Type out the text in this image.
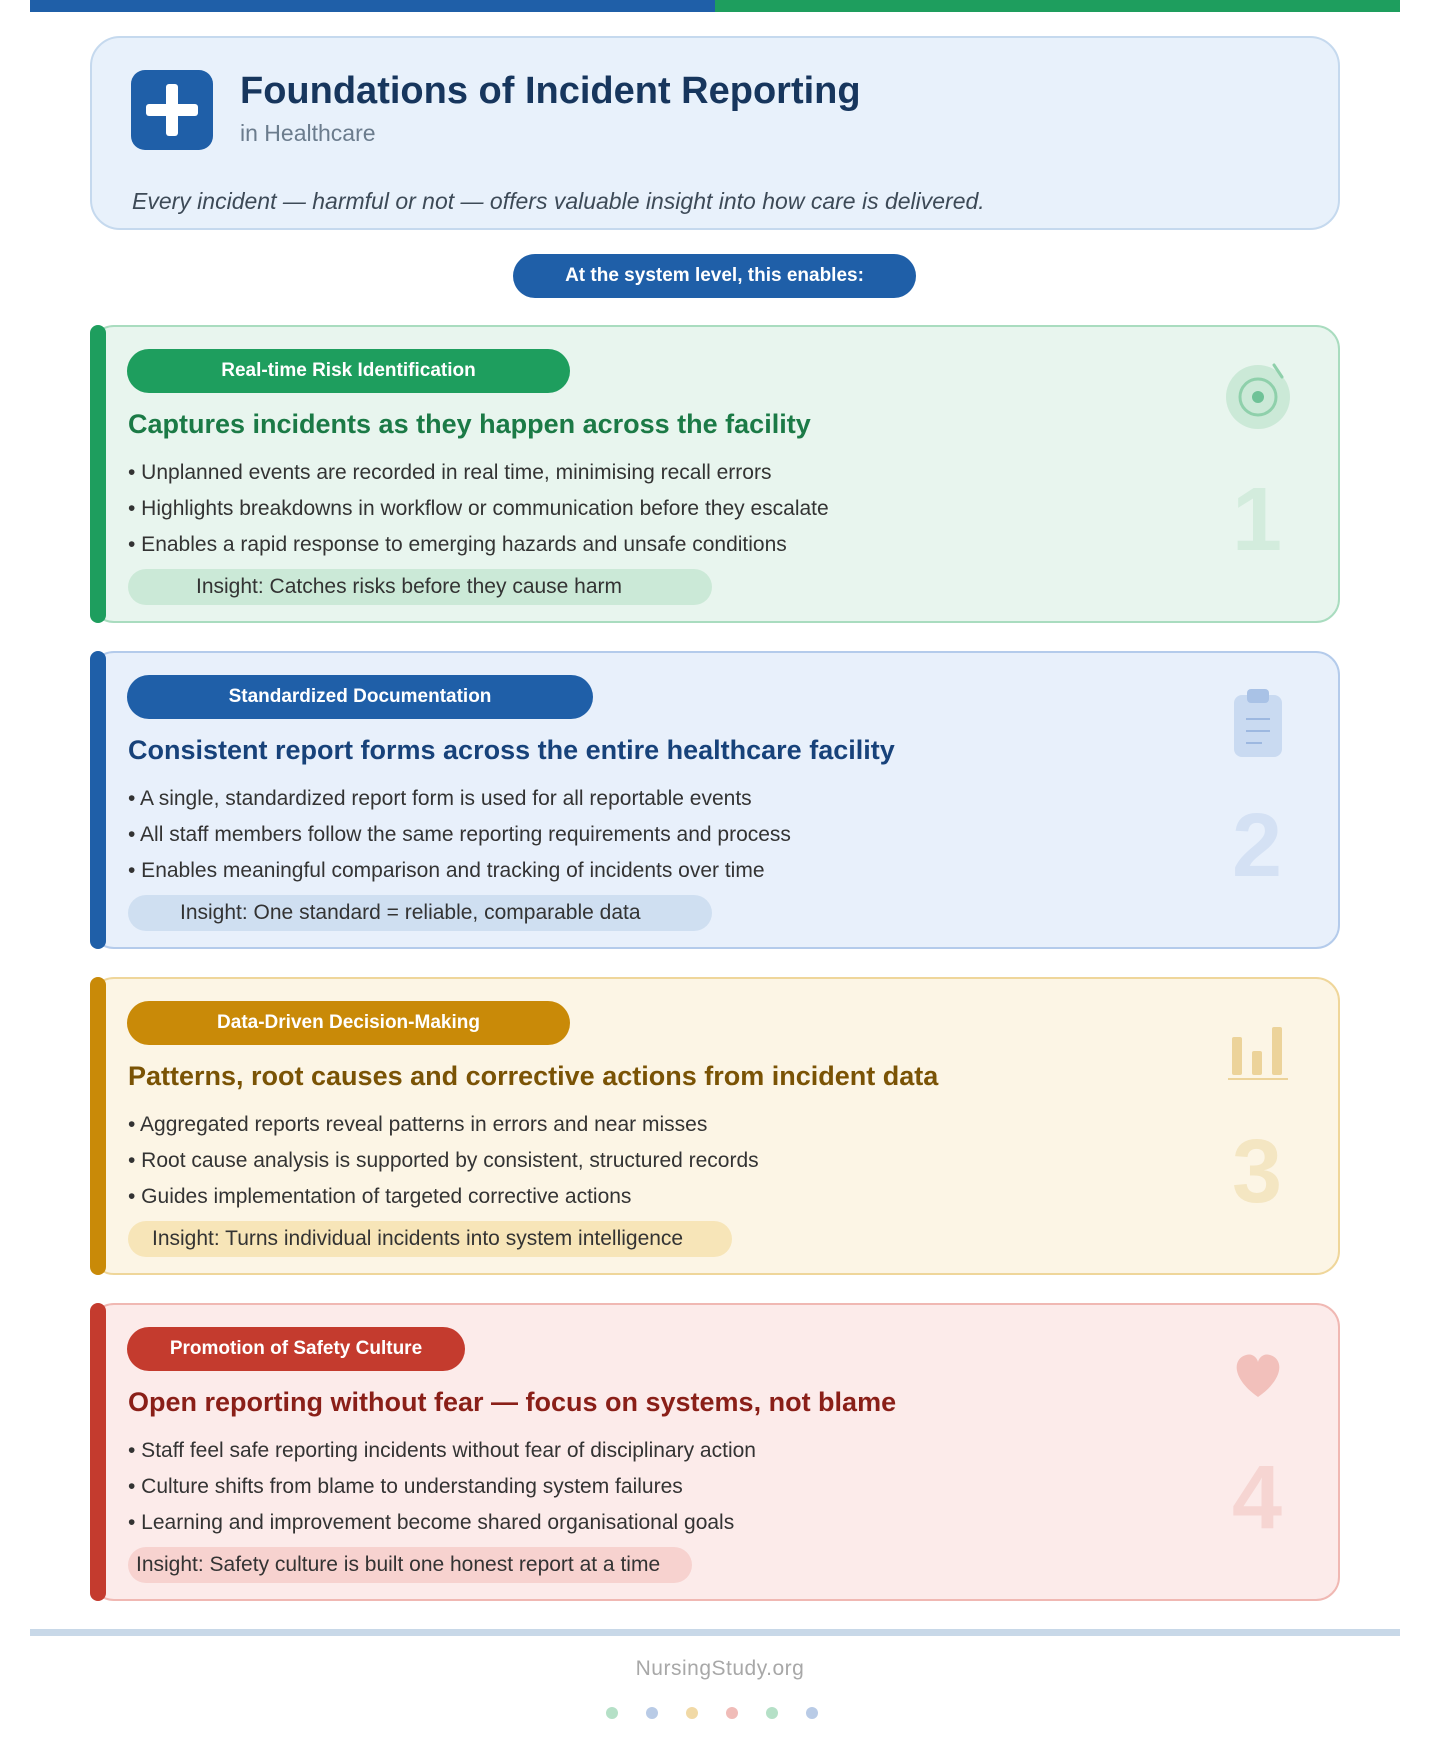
Foundations of Incident Reporting
in Healthcare
Every incident — harmful or not — offers valuable insight into how care is delivered.
At the system level, this enables:
Real-time Risk Identification
Captures incidents as they happen across the facility
• Unplanned events are recorded in real time, minimising recall errors
• Highlights breakdowns in workflow or communication before they escalate
• Enables a rapid response to emerging hazards and unsafe conditions
Insight: Catches risks before they cause harm
1
Standardized Documentation
Consistent report forms across the entire healthcare facility
• A single, standardized report form is used for all reportable events
• All staff members follow the same reporting requirements and process
• Enables meaningful comparison and tracking of incidents over time
Insight: One standard = reliable, comparable data
2
Data-Driven Decision-Making
Patterns, root causes and corrective actions from incident data
• Aggregated reports reveal patterns in errors and near misses
• Root cause analysis is supported by consistent, structured records
• Guides implementation of targeted corrective actions
Insight: Turns individual incidents into system intelligence
3
Promotion of Safety Culture
Open reporting without fear — focus on systems, not blame
• Staff feel safe reporting incidents without fear of disciplinary action
• Culture shifts from blame to understanding system failures
• Learning and improvement become shared organisational goals
Insight: Safety culture is built one honest report at a time
4
NursingStudy.org
